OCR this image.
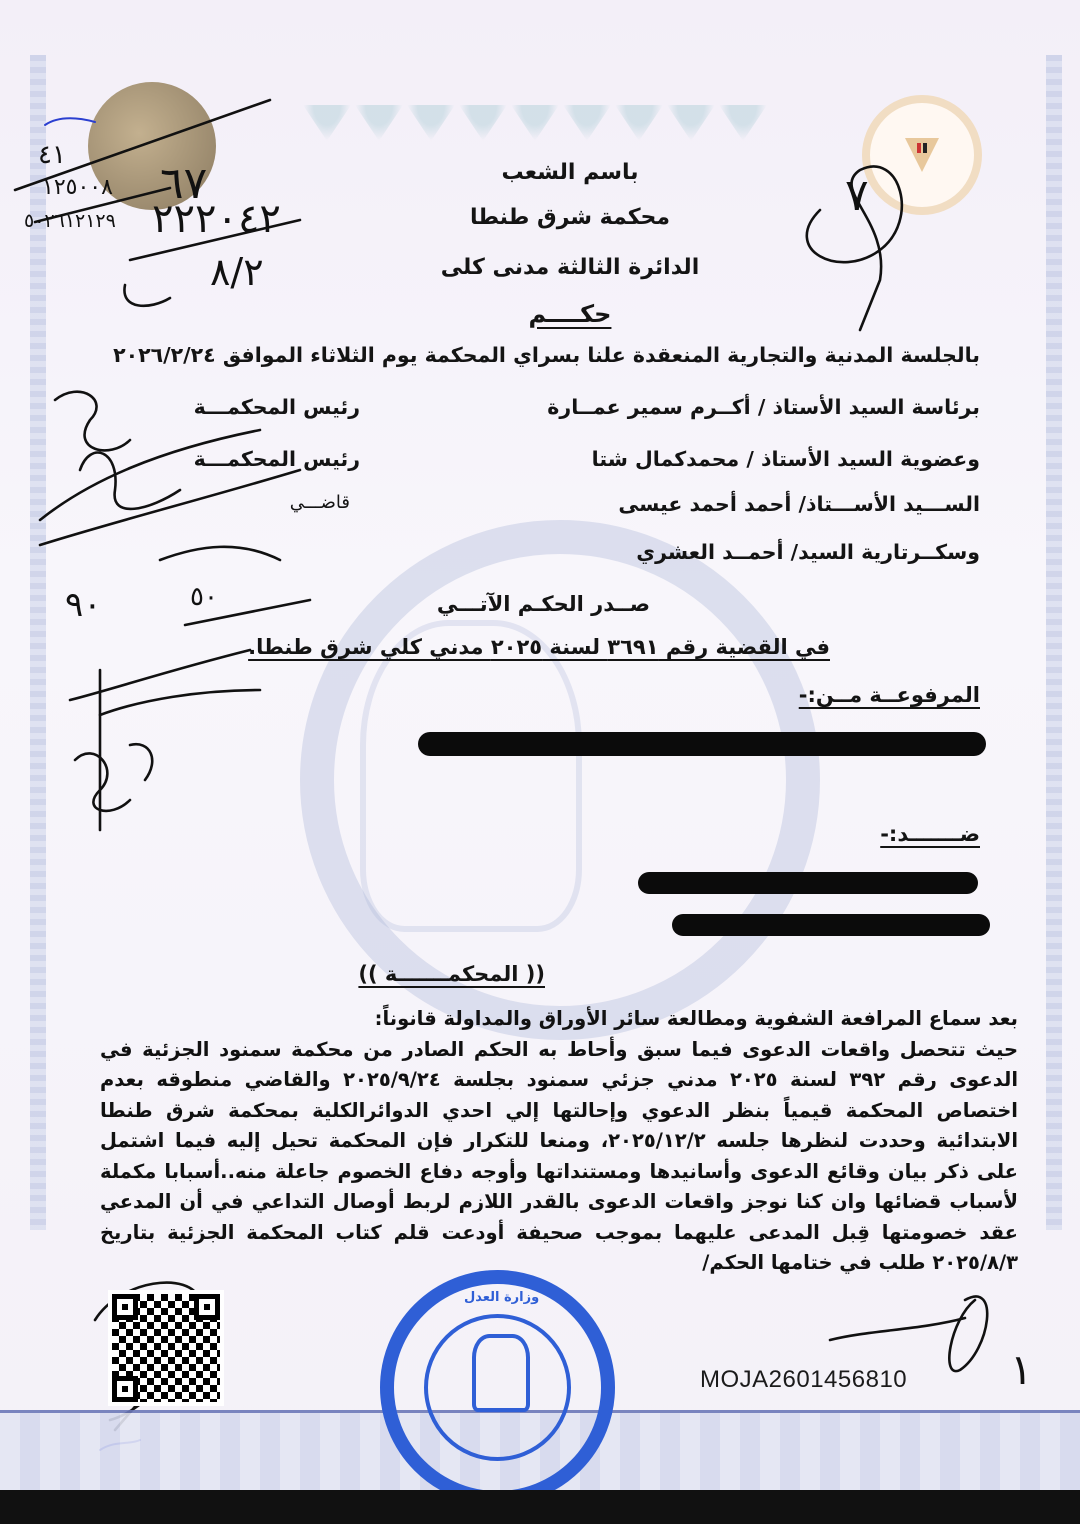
٤١
١٢٥٠٠٨
٥٠٢٦١٢١٢٩
٦٧
٢٢٢٠٤٢
٨/٢
٧
٩٠	٥٠
١
باسم الشعب
محكمة شرق طنطا
الدائرة الثالثة مدنى كلى
حكــــم
بالجلسة المدنية والتجارية المنعقدة علنا بسراي المحكمة يوم الثلاثاء الموافق ٢٠٢٦/٢/٢٤
برئاسة السيد الأستاذ / أكــرم سمير عمــارة
رئيس المحكمـــة
وعضوية السيد الأستاذ / محمدكمال شتا
رئيس المحكمـــة
الســـيد الأســـتاذ/ أحمد أحمد عيسى
قاضـــي
وسكــرتارية السيد/ أحمــد العشري
صــدر الحكـم الآتـــي
في القضية رقم ٣٦٩١ لسنة ٢٠٢٥ مدني كلي شرق طنطا.
المرفوعــة مــن:-
ضـــــــد:-
(( المحكمـــــــة ))
بعد سماع المرافعة الشفوية ومطالعة سائر الأوراق والمداولة قانوناً:
حيث تتحصل واقعات الدعوى فيما سبق وأحاط به الحكم الصادر من محكمة سمنود الجزئية في الدعوى رقم ٣٩٢ لسنة ٢٠٢٥ مدني جزئي سمنود بجلسة ٢٠٢٥/٩/٢٤ والقاضي منطوقه بعدم اختصاص المحكمة قيمياً بنظر الدعوي وإحالتها إلي احدي الدوائرالكلية بمحكمة شرق طنطا الابتدائية وحددت لنظرها جلسه ٢٠٢٥/١٢/٢، ومنعا للتكرار فإن المحكمة تحيل إليه فيما اشتمل على ذكر بيان وقائع الدعوى وأسانيدها ومستنداتها وأوجه دفاع الخصوم جاعلة منه..أسبابا مكملة لأسباب قضائها وان كنا نوجز واقعات الدعوى بالقدر اللازم لربط أوصال التداعي في أن المدعي عقد خصومتها قِبل المدعى عليهما بموجب صحيفة أودعت قلم كتاب المحكمة الجزئية بتاريخ ٢٠٢٥/٨/٣ طلب في ختامها الحكم/
وزارة العدل
MOJA2601456810
